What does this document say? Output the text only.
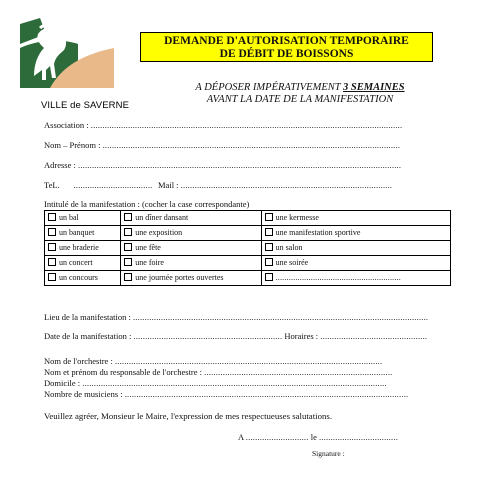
VILLE de SAVERNE
DEMANDE D'AUTORISATION TEMPORAIRE
DE DÉBIT DE BOISSONS
A DÉPOSER IMPÉRATIVEMENT 3 SEMAINES
AVANT LA DATE DE LA MANIFESTATION
Association : ......................................................................................................................................
Nom – Prénom : ................................................................................................................................
Adresse : ...........................................................................................................................................
TeL.      .................................. Mail : ...........................................................................................
Intitulé de la manifestation : (cocher la case correspondante)
un bal	un dîner dansant	une kermesse
un banquet	une exposition	une manifestation sportive
une braderie	une fête	un salon
un concert	une foire	une soirée
un concours	une journée portes ouvertes	.........................................................
Lieu de la manifestation : ...............................................................................................................................
Date de la manifestation : ................................................................ Horaires : ..............................................
Nom de l'orchestre : ...................................................................................................................
Nom et prénom du responsable de l'orchestre : .................................................................................
Domicile : ...................................................................................................................................
Nombre de musiciens : ..........................................................................................................................
Veuillez agréer, Monsieur le Maire, l'expression de mes respectueuses salutations.
A ........................... le ..................................
Signature :
